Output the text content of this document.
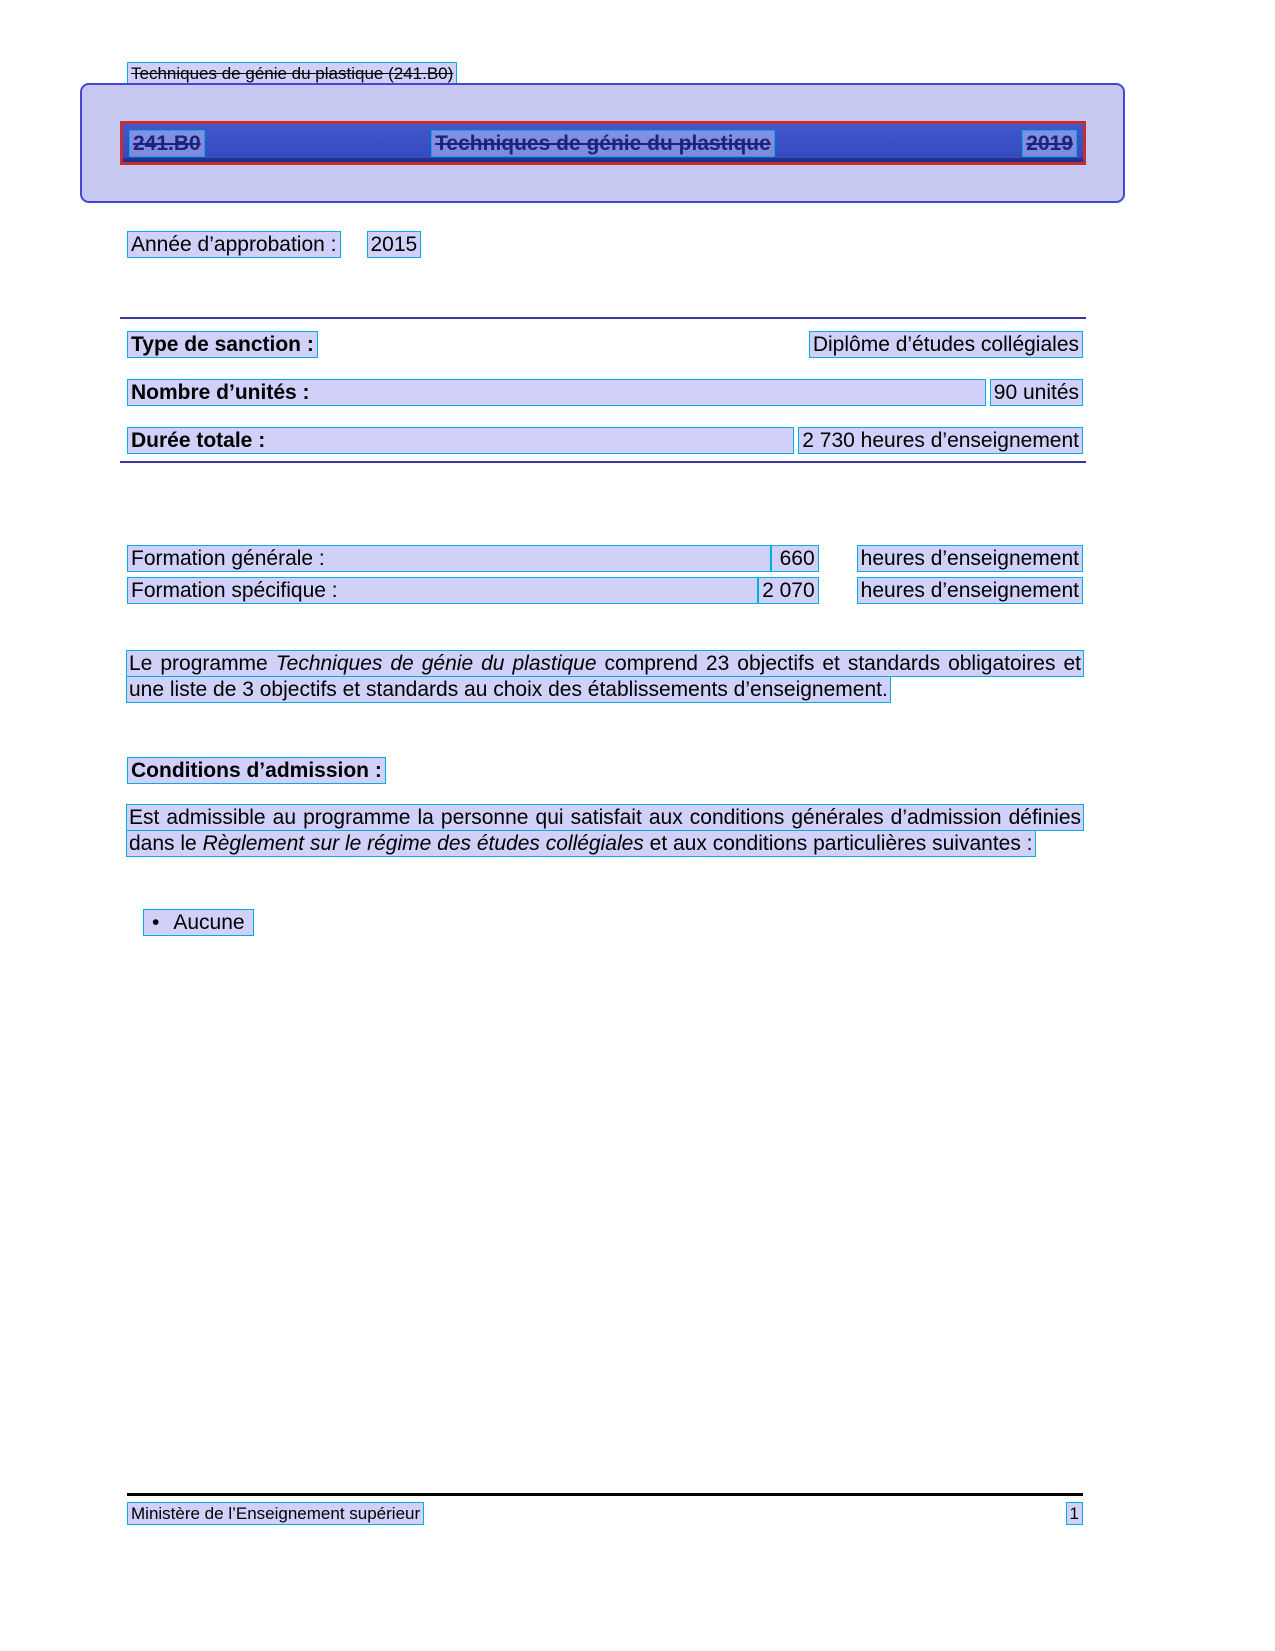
Techniques de génie du plastique (241.B0)
241.B0	Techniques de génie du plastique	2019
Année d’approbation : 2015
Type de sanction :	Diplôme d’études collégiales
Nombre d’unités :	90 unités
Durée totale :	2 730 heures d’enseignement
Formation générale :	660 heures d’enseignement
Formation spécifique :	2 070 heures d’enseignement

Le programme Techniques de génie du plastique comprend 23 objectifs et standards obligatoires et une liste de 3 objectifs et standards au choix des établissements d’enseignement.

Conditions d’admission :

Est admissible au programme la personne qui satisfait aux conditions générales d’admission définies dans le Règlement sur le régime des études collégiales et aux conditions particulières suivantes :

• Aucune
Ministère de l’Enseignement supérieur	1
